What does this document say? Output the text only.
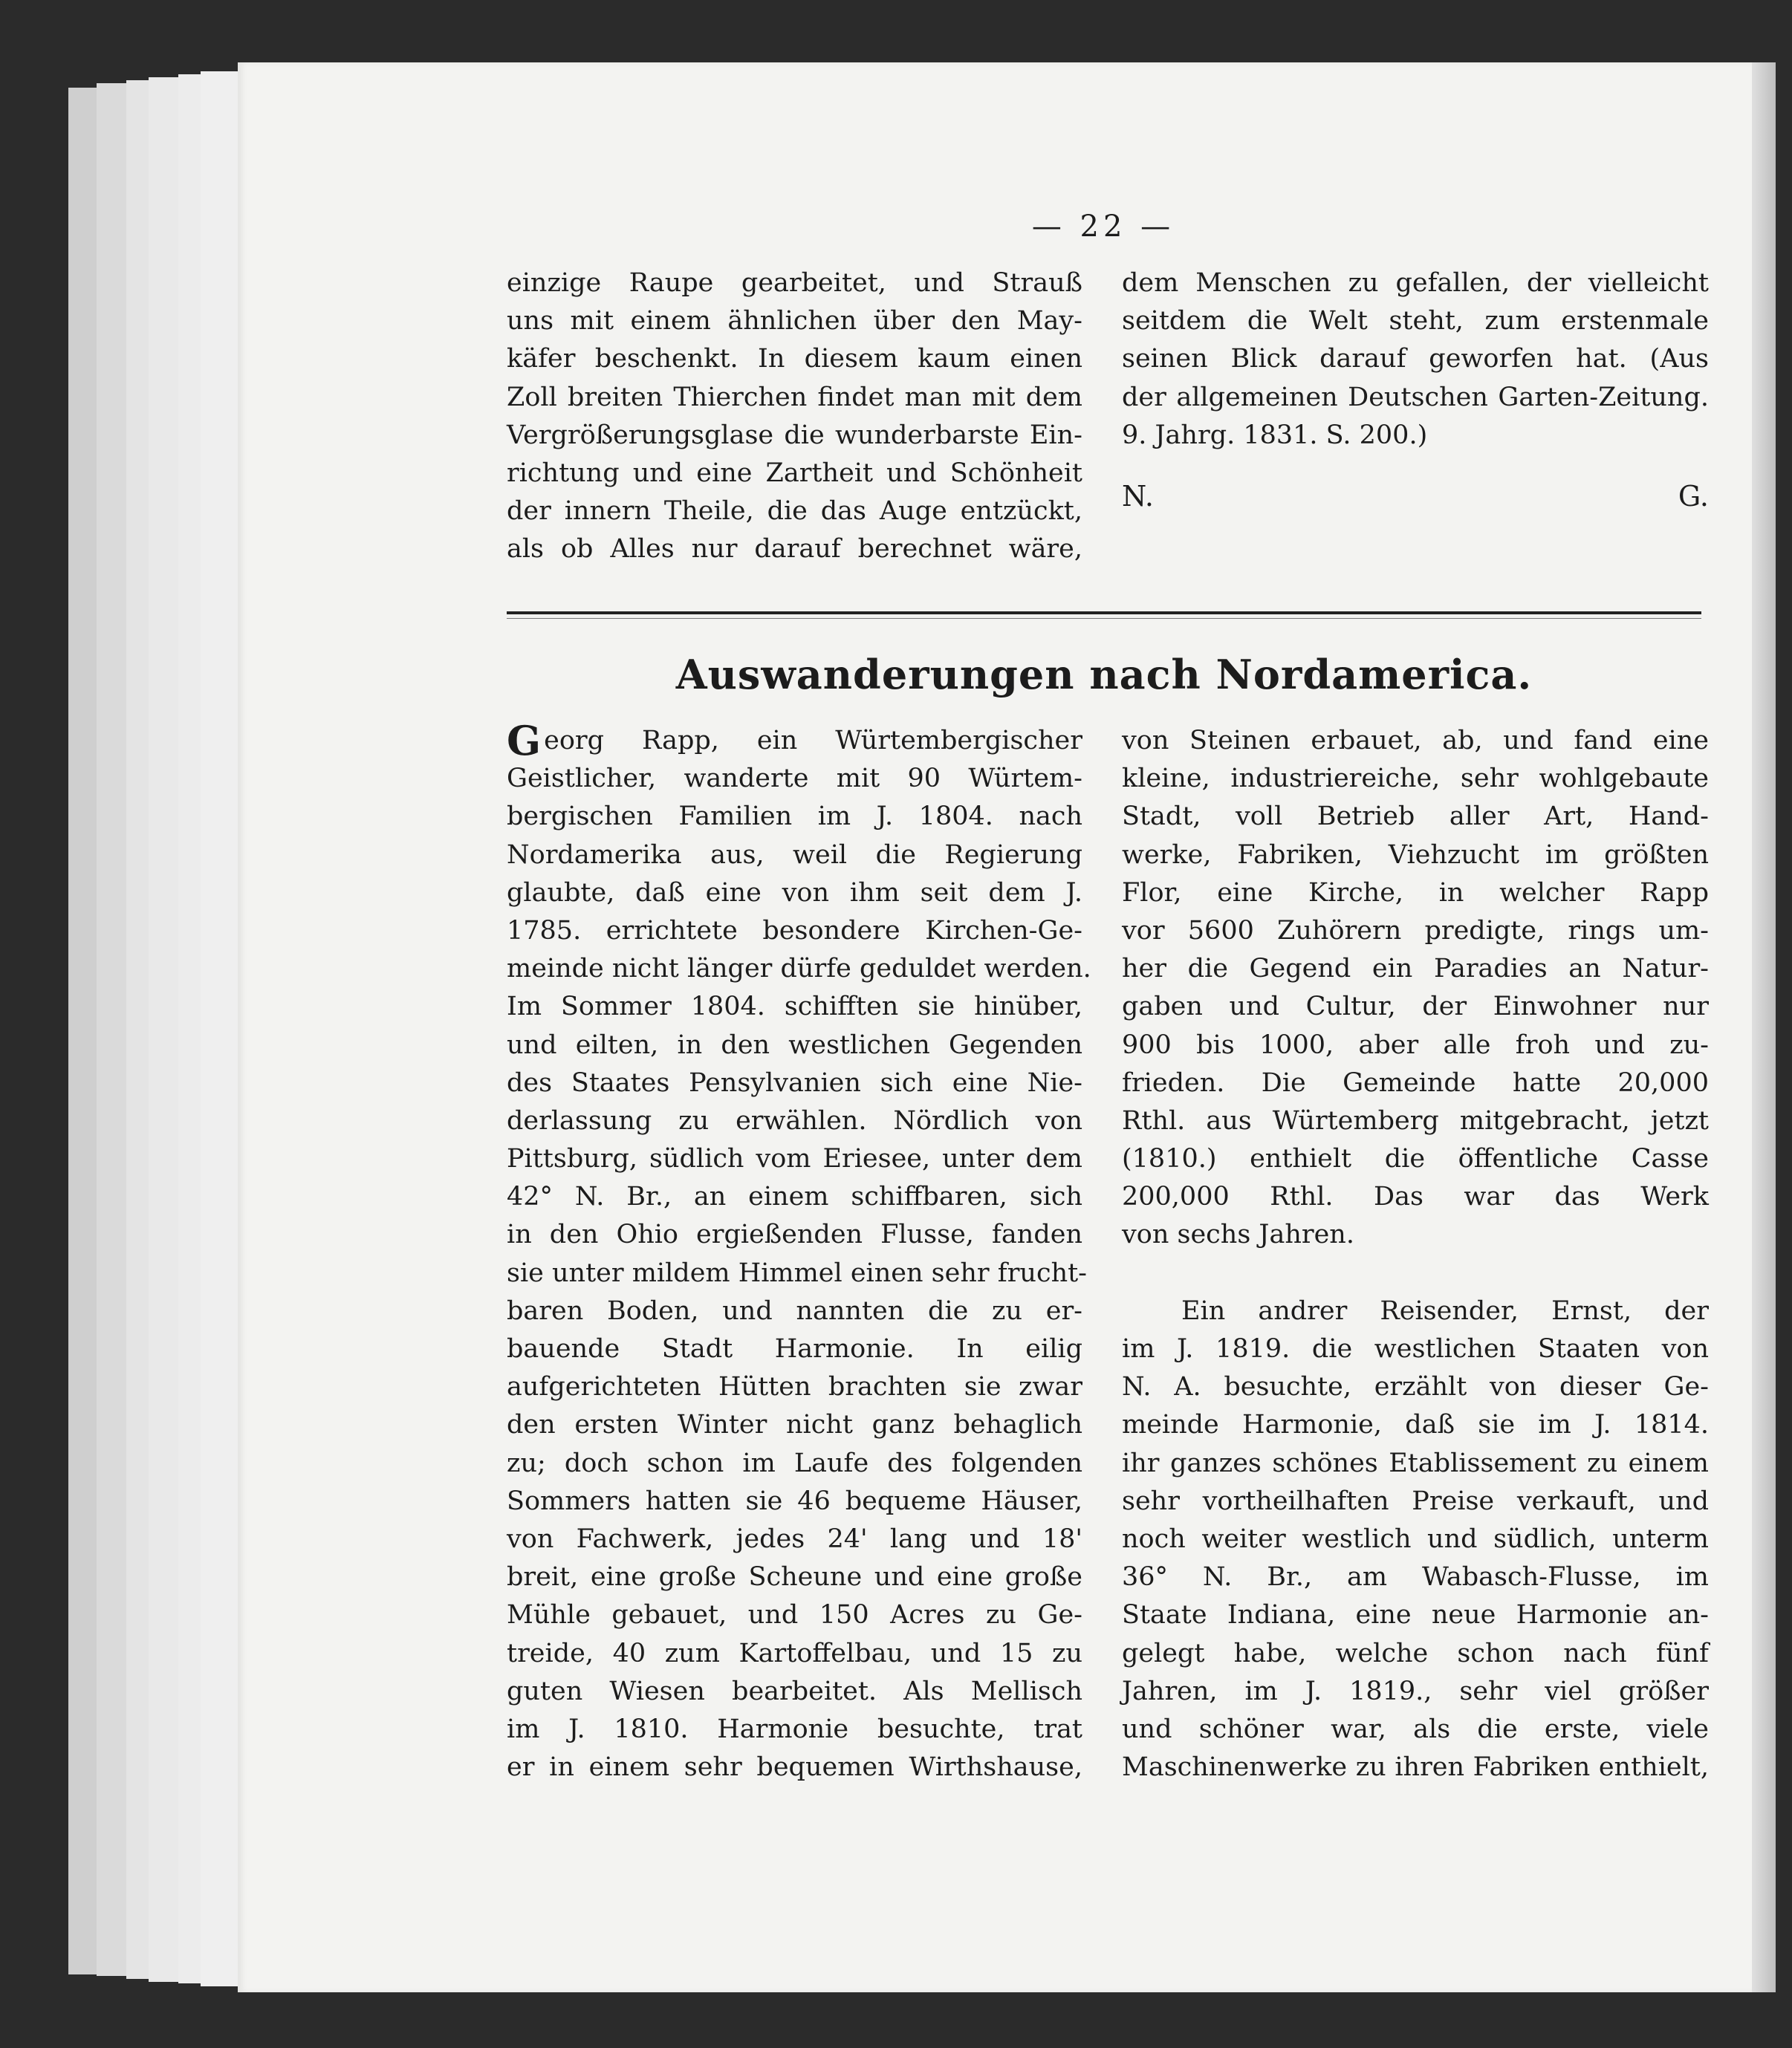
— 22 —
einzige Raupe gearbeitet, und Strauß
uns mit einem ähnlichen über den May-
käfer beschenkt. In diesem kaum einen
Zoll breiten Thierchen findet man mit dem
Vergrößerungsglase die wunderbarste Ein-
richtung und eine Zartheit und Schönheit
der innern Theile, die das Auge entzückt,
als ob Alles nur darauf berechnet wäre,
dem Menschen zu gefallen, der vielleicht
seitdem die Welt steht, zum erstenmale
seinen Blick darauf geworfen hat. (Aus
der allgemeinen Deutschen Garten-Zeitung.
9. Jahrg. 1831. S. 200.)
N.	G.
Auswanderungen nach Nordamerica.
Georg Rapp, ein Würtembergischer
Geistlicher, wanderte mit 90 Würtem-
bergischen Familien im J. 1804. nach
Nordamerika aus, weil die Regierung
glaubte, daß eine von ihm seit dem J.
1785. errichtete besondere Kirchen-Ge-
meinde nicht länger dürfe geduldet werden.
Im Sommer 1804. schifften sie hinüber,
und eilten, in den westlichen Gegenden
des Staates Pensylvanien sich eine Nie-
derlassung zu erwählen. Nördlich von
Pittsburg, südlich vom Eriesee, unter dem
42° N. Br., an einem schiffbaren, sich
in den Ohio ergießenden Flusse, fanden
sie unter mildem Himmel einen sehr frucht-
baren Boden, und nannten die zu er-
bauende Stadt Harmonie. In eilig
aufgerichteten Hütten brachten sie zwar
den ersten Winter nicht ganz behaglich
zu; doch schon im Laufe des folgenden
Sommers hatten sie 46 bequeme Häuser,
von Fachwerk, jedes 24' lang und 18'
breit, eine große Scheune und eine große
Mühle gebauet, und 150 Acres zu Ge-
treide, 40 zum Kartoffelbau, und 15 zu
guten Wiesen bearbeitet. Als Mellisch
im J. 1810. Harmonie besuchte, trat
er in einem sehr bequemen Wirthshause,
von Steinen erbauet, ab, und fand eine
kleine, industriereiche, sehr wohlgebaute
Stadt, voll Betrieb aller Art, Hand-
werke, Fabriken, Viehzucht im größten
Flor, eine Kirche, in welcher Rapp
vor 5600 Zuhörern predigte, rings um-
her die Gegend ein Paradies an Natur-
gaben und Cultur, der Einwohner nur
900 bis 1000, aber alle froh und zu-
frieden. Die Gemeinde hatte 20,000
Rthl. aus Würtemberg mitgebracht, jetzt
(1810.) enthielt die öffentliche Casse
200,000 Rthl. Das war das Werk
von sechs Jahren.
Ein andrer Reisender, Ernst, der
im J. 1819. die westlichen Staaten von
N. A. besuchte, erzählt von dieser Ge-
meinde Harmonie, daß sie im J. 1814.
ihr ganzes schönes Etablissement zu einem
sehr vortheilhaften Preise verkauft, und
noch weiter westlich und südlich, unterm
36° N. Br., am Wabasch-Flusse, im
Staate Indiana, eine neue Harmonie an-
gelegt habe, welche schon nach fünf
Jahren, im J. 1819., sehr viel größer
und schöner war, als die erste, viele
Maschinenwerke zu ihren Fabriken enthielt,
